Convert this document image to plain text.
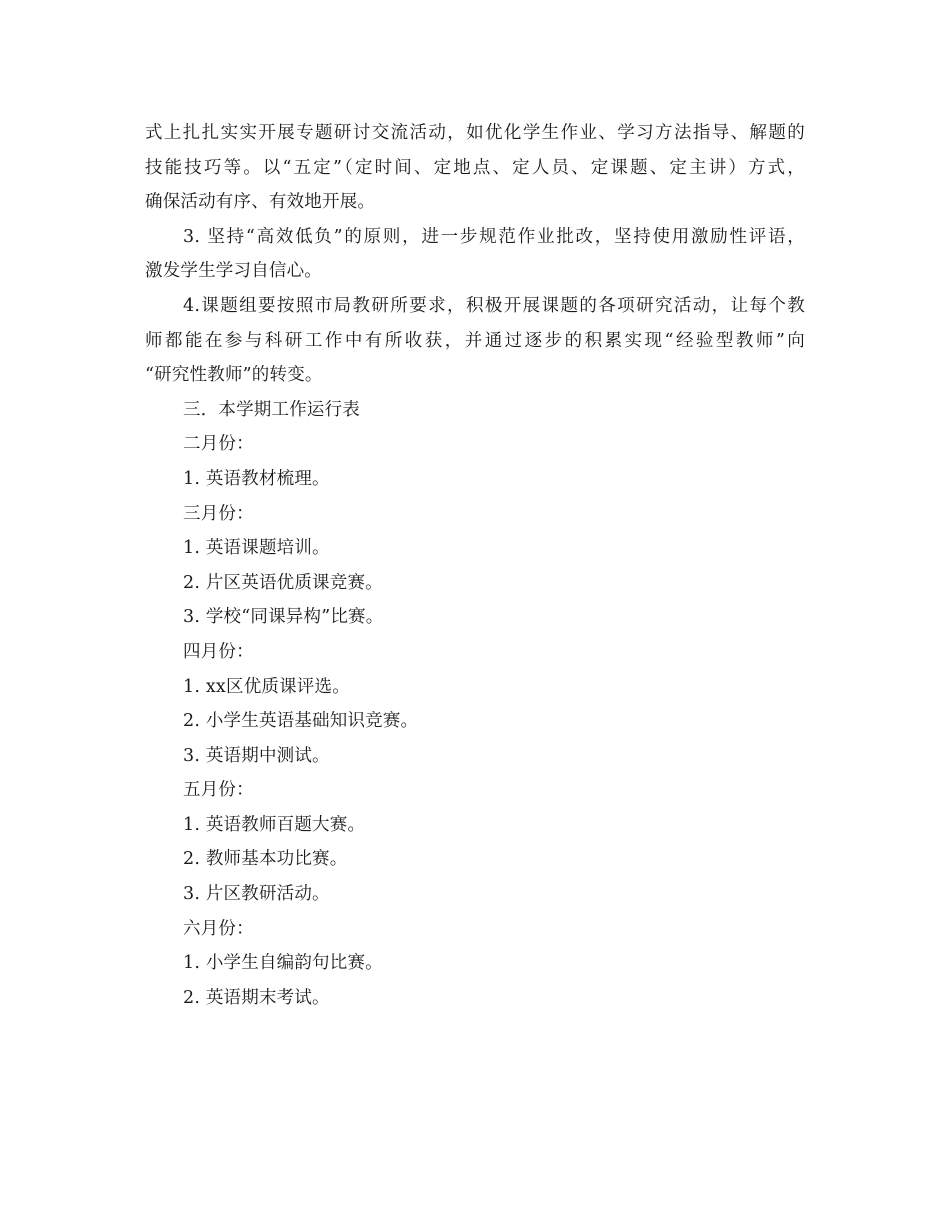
式上扎扎实实开展专题研讨交流活动，如优化学生作业、学习方法指导、解题的
技能技巧等。以“五定”（定时间、定地点、定人员、定课题、定主讲）方式，
确保活动有序、有效地开展。
3. 坚持“高效低负”的原则，进一步规范作业批改，坚持使用激励性评语，
激发学生学习自信心。
4.课题组要按照市局教研所要求，积极开展课题的各项研究活动，让每个教
师都能在参与科研工作中有所收获，并通过逐步的积累实现“经验型教师”向
“研究性教师”的转变。
三．本学期工作运行表
二月份：
1. 英语教材梳理。
三月份：
1. 英语课题培训。
2. 片区英语优质课竞赛。
3. 学校“同课异构”比赛。
四月份：
1. xx区优质课评选。
2. 小学生英语基础知识竞赛。
3. 英语期中测试。
五月份：
1. 英语教师百题大赛。
2. 教师基本功比赛。
3. 片区教研活动。
六月份：
1. 小学生自编韵句比赛。
2. 英语期末考试。
